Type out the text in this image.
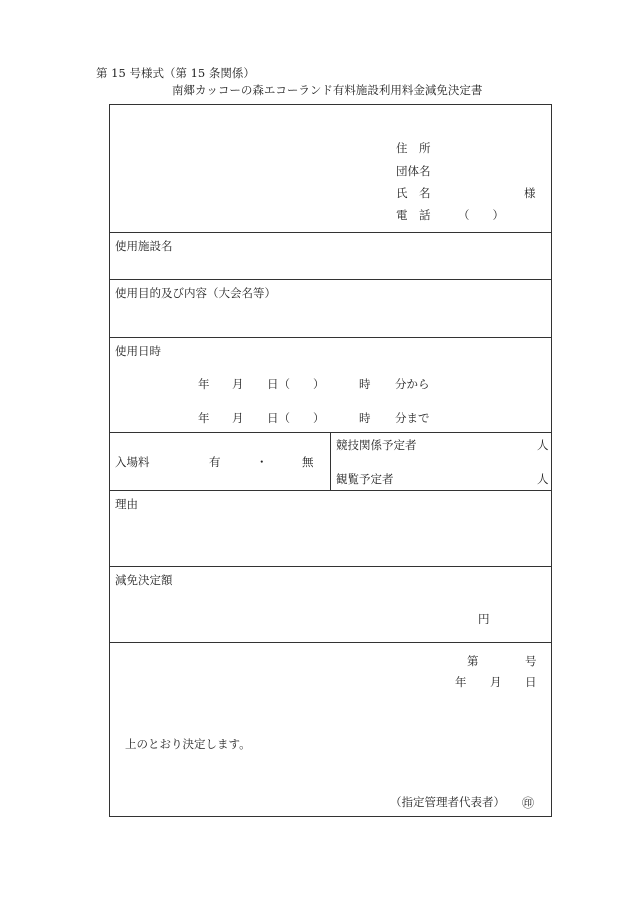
第 15 号様式（第 15 条関係）
南郷カッコーの森エコーランド有料施設利用料金減免決定書
住　所
団体名
氏　名	様
電　話 （　　）
使用施設名
使用目的及び内容（大会名等）
使用日時
年 月 日（ ）	時 分から
年 月 日（ ）	時 分まで
入場料	有	・	無
競技関係予定者	人
観覧予定者	人
理由
減免決定額
円
第	号
年 月 日
上のとおり決定します。
（指定管理者代表者） ㊞
